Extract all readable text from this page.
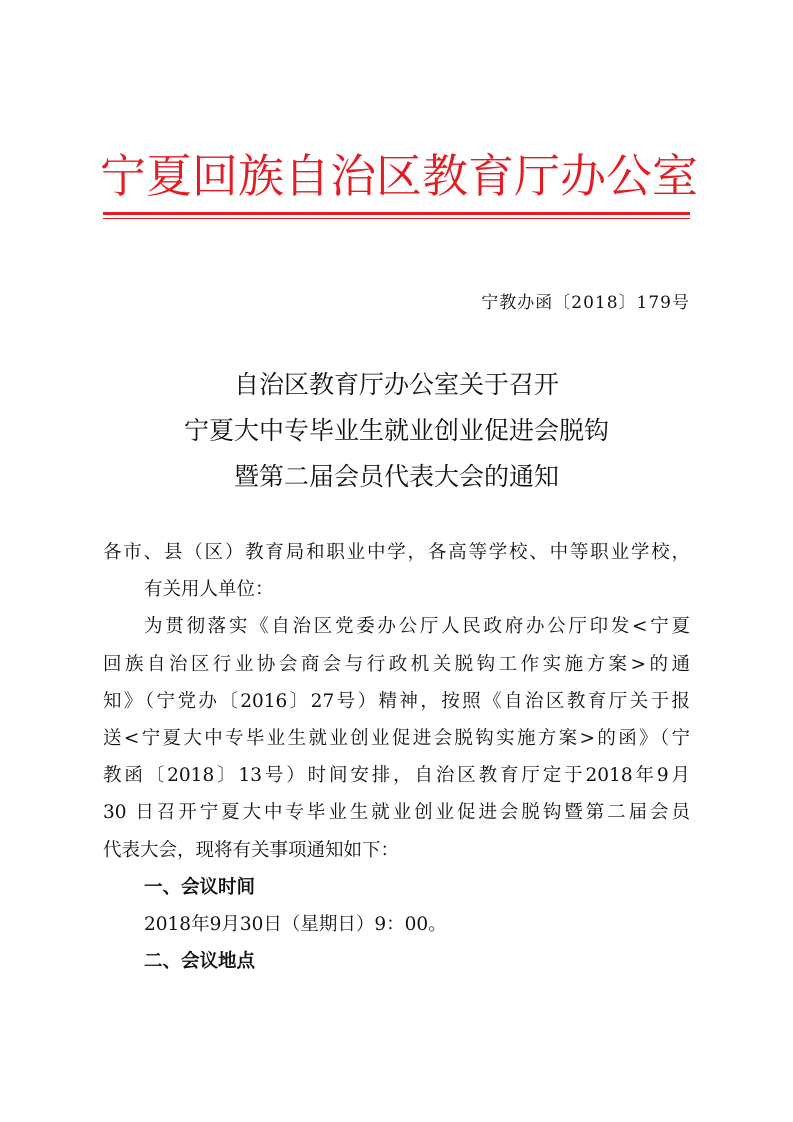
宁夏回族自治区教育厅办公室
宁教办函〔2018〕179号
自治区教育厅办公室关于召开
宁夏大中专毕业生就业创业促进会脱钩
暨第二届会员代表大会的通知
各市、县（区）教育局和职业中学，各高等学校、中等职业学校，
有关用人单位：
为贯彻落实《自治区党委办公厅人民政府办公厅印发<宁夏
回族自治区行业协会商会与行政机关脱钩工作实施方案>的通
知》（宁党办〔2016〕27号）精神，按照《自治区教育厅关于报
送<宁夏大中专毕业生就业创业促进会脱钩实施方案>的函》（宁
教函〔2018〕13号）时间安排，自治区教育厅定于2018年9月
30 日召开宁夏大中专毕业生就业创业促进会脱钩暨第二届会员
代表大会，现将有关事项通知如下：
一、会议时间
2018年9月30日（星期日）9：00。
二、会议地点
